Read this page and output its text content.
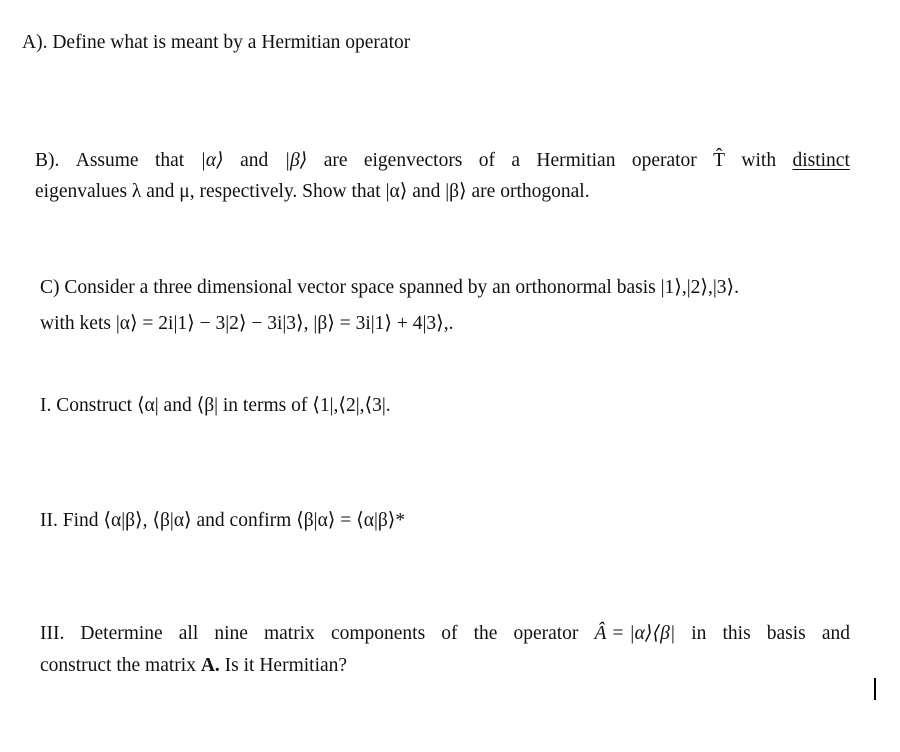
A). Define what is meant by a Hermitian operator
B). Assume that |α⟩ and |β⟩ are eigenvectors of a Hermitian operator T̂ with distinct
eigenvalues λ and μ, respectively. Show that |α⟩ and |β⟩ are orthogonal.
C) Consider a three dimensional vector space spanned by an orthonormal basis |1⟩,|2⟩,|3⟩.
with kets |α⟩ = 2i|1⟩ − 3|2⟩ − 3i|3⟩, |β⟩ = 3i|1⟩ + 4|3⟩,.
I. Construct ⟨α| and ⟨β| in terms of ⟨1|,⟨2|,⟨3|.
II. Find ⟨α|β⟩, ⟨β|α⟩ and confirm ⟨β|α⟩ = ⟨α|β⟩*
III. Determine all nine matrix components of the operator Â = |α⟩⟨β| in this basis and
construct the matrix A. Is it Hermitian?
